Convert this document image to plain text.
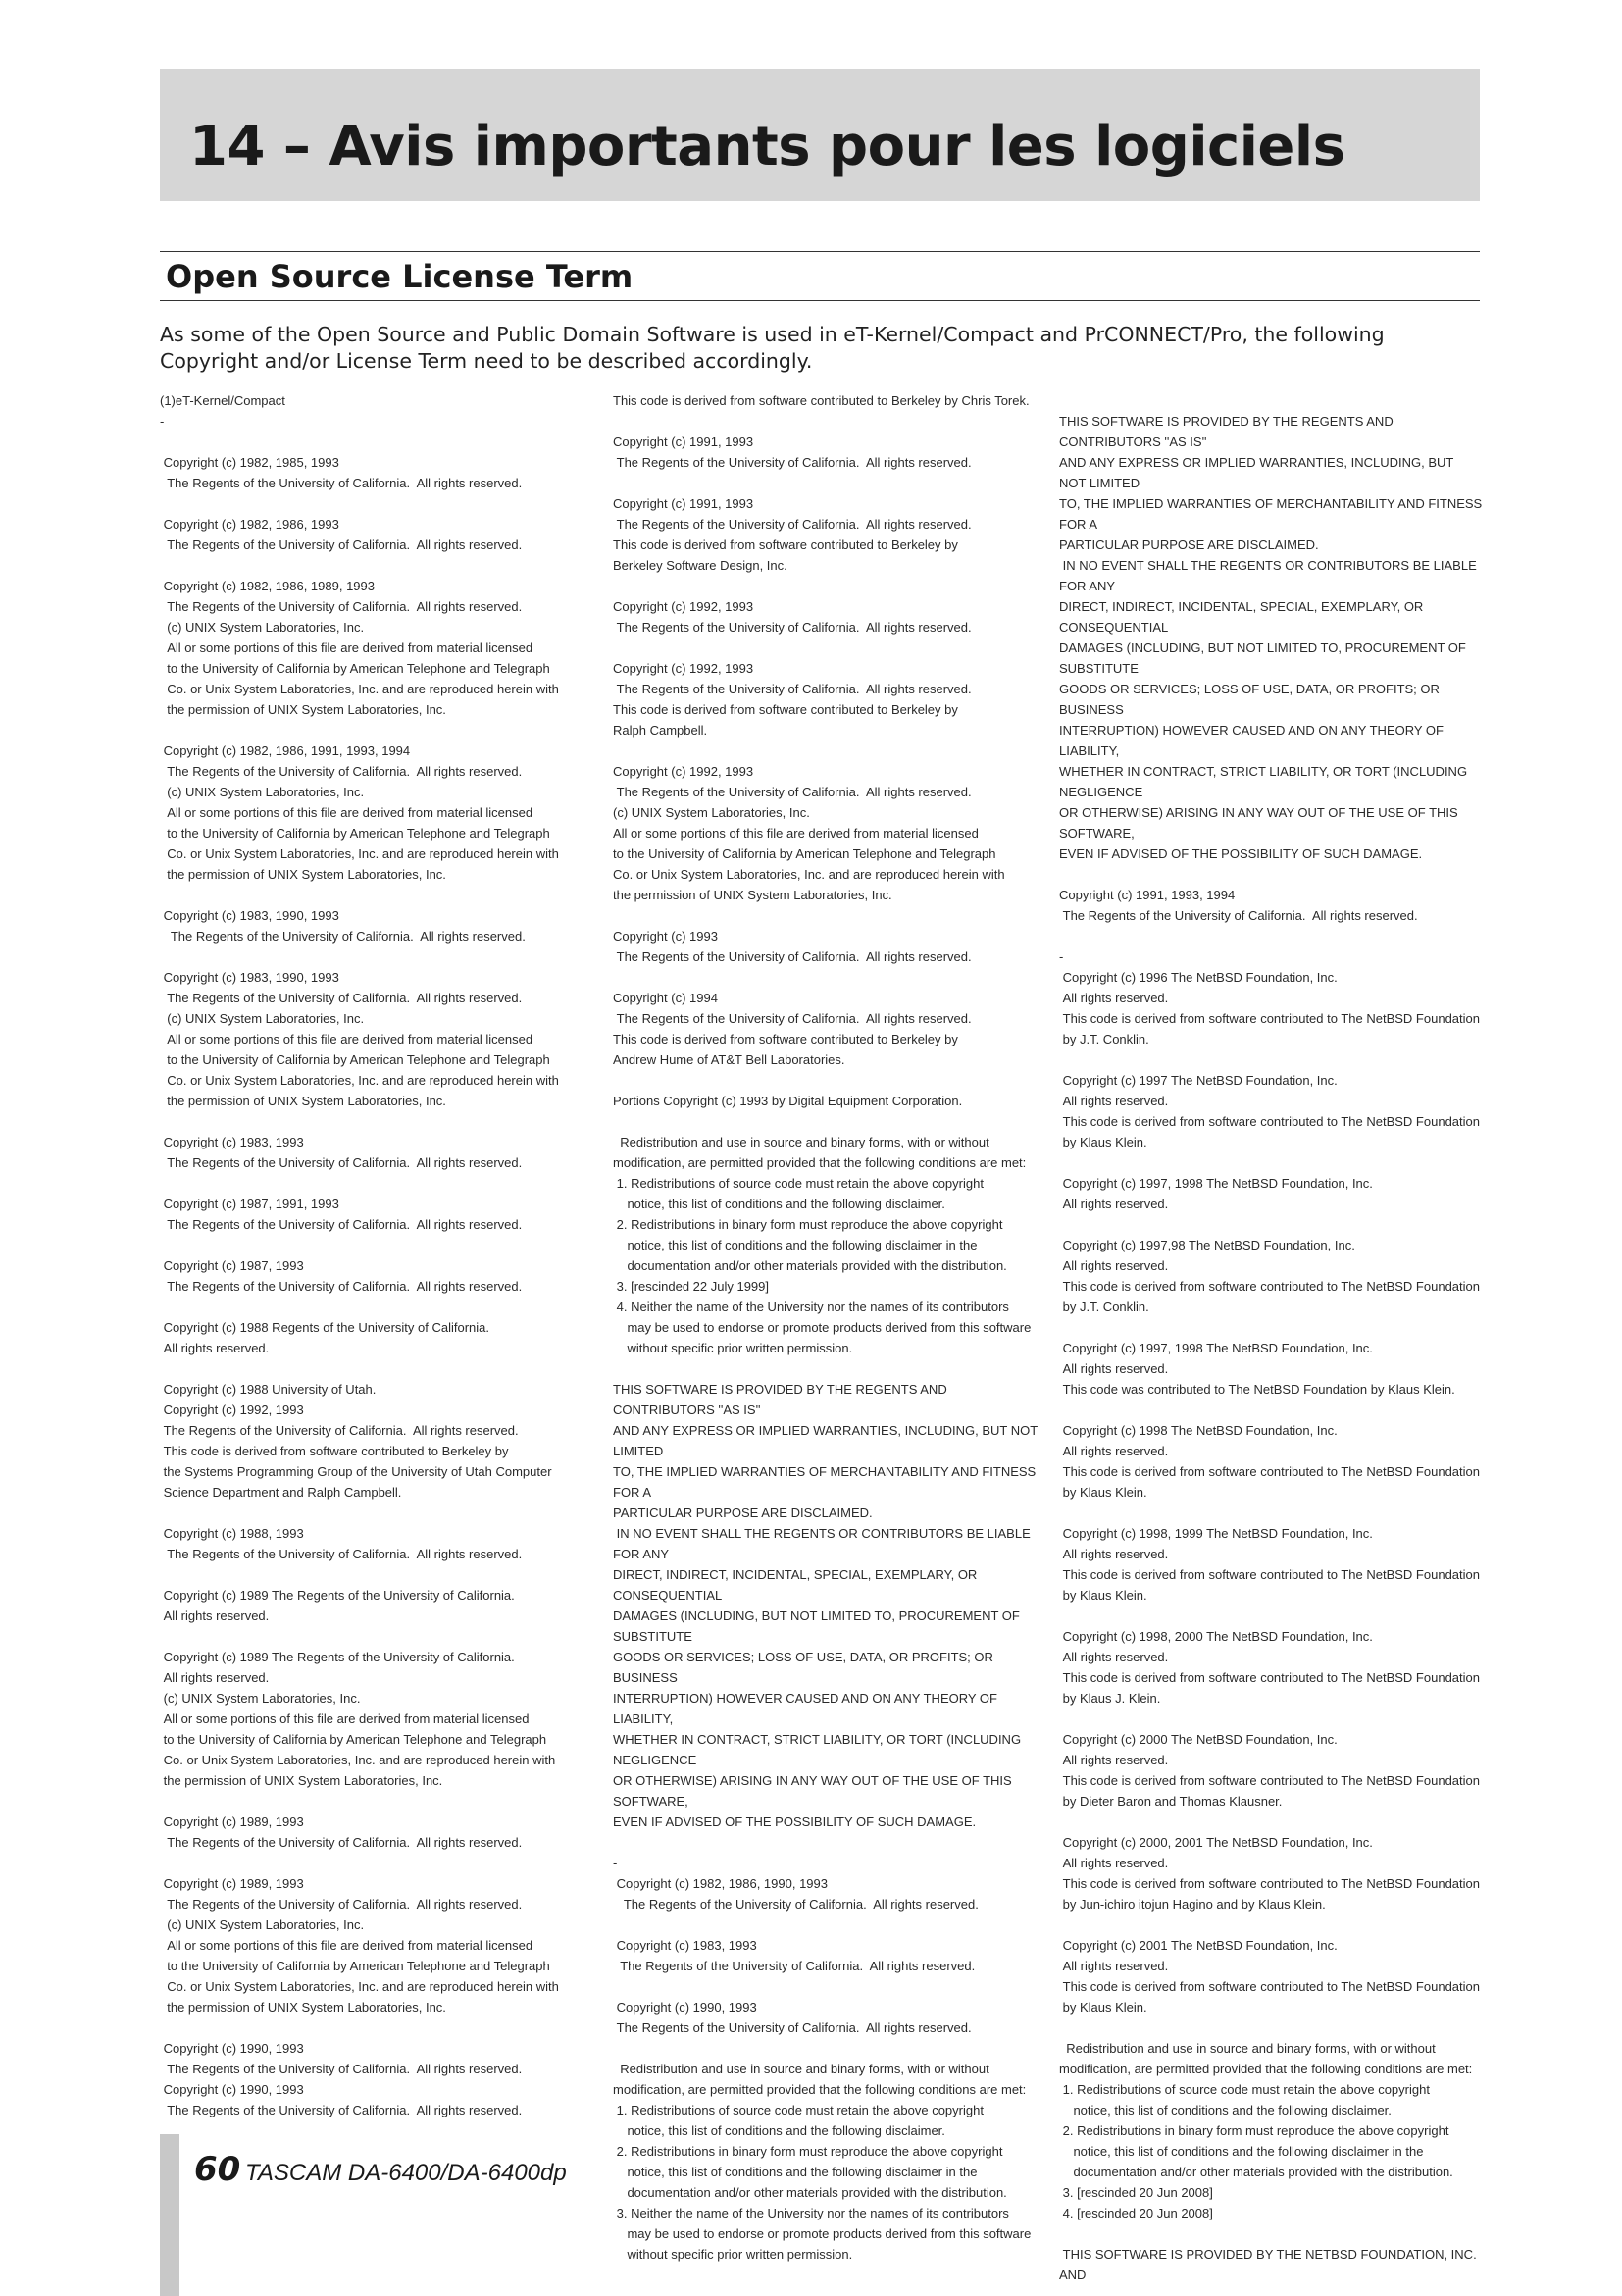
14 – Avis importants pour les logiciels
Open Source License Term

As some of the Open Source and Public Domain Software is used in eT-Kernel/Compact and PrCONNECT/Pro, the following Copyright and/or License Term need to be described accordingly.

(1)eT-Kernel/Compact
-
Copyright (c) 1982, 1985, 1993
The Regents of the University of California.  All rights reserved.
Copyright (c) 1982, 1986, 1993
The Regents of the University of California.  All rights reserved.
Copyright (c) 1982, 1986, 1989, 1993
The Regents of the University of California.  All rights reserved.
(c) UNIX System Laboratories, Inc.
All or some portions of this file are derived from material licensed
to the University of California by American Telephone and Telegraph
Co. or Unix System Laboratories, Inc. and are reproduced herein with
the permission of UNIX System Laboratories, Inc.
Copyright (c) 1982, 1986, 1991, 1993, 1994
The Regents of the University of California.  All rights reserved.
(c) UNIX System Laboratories, Inc.
All or some portions of this file are derived from material licensed
to the University of California by American Telephone and Telegraph
Co. or Unix System Laboratories, Inc. and are reproduced herein with
the permission of UNIX System Laboratories, Inc.
Copyright (c) 1983, 1990, 1993
The Regents of the University of California.  All rights reserved.
Copyright (c) 1983, 1990, 1993
The Regents of the University of California.  All rights reserved.
(c) UNIX System Laboratories, Inc.
All or some portions of this file are derived from material licensed
to the University of California by American Telephone and Telegraph
Co. or Unix System Laboratories, Inc. and are reproduced herein with
the permission of UNIX System Laboratories, Inc.
Copyright (c) 1983, 1993
The Regents of the University of California.  All rights reserved.
Copyright (c) 1987, 1991, 1993
The Regents of the University of California.  All rights reserved.
Copyright (c) 1987, 1993
The Regents of the University of California.  All rights reserved.
Copyright (c) 1988 Regents of the University of California.
All rights reserved.
Copyright (c) 1988 University of Utah.
Copyright (c) 1992, 1993
The Regents of the University of California.  All rights reserved.
This code is derived from software contributed to Berkeley by
the Systems Programming Group of the University of Utah Computer
Science Department and Ralph Campbell.
Copyright (c) 1988, 1993
The Regents of the University of California.  All rights reserved.
Copyright (c) 1989 The Regents of the University of California.
All rights reserved.
Copyright (c) 1989 The Regents of the University of California.
All rights reserved.
(c) UNIX System Laboratories, Inc.
All or some portions of this file are derived from material licensed
to the University of California by American Telephone and Telegraph
Co. or Unix System Laboratories, Inc. and are reproduced herein with
the permission of UNIX System Laboratories, Inc.
Copyright (c) 1989, 1993
The Regents of the University of California.  All rights reserved.
Copyright (c) 1989, 1993
The Regents of the University of California.  All rights reserved.
(c) UNIX System Laboratories, Inc.
All or some portions of this file are derived from material licensed
to the University of California by American Telephone and Telegraph
Co. or Unix System Laboratories, Inc. and are reproduced herein with
the permission of UNIX System Laboratories, Inc.
Copyright (c) 1990, 1993
The Regents of the University of California.  All rights reserved.
Copyright (c) 1990, 1993
The Regents of the University of California.  All rights reserved.
This code is derived from software contributed to Berkeley by Chris Torek.
Copyright (c) 1991, 1993
The Regents of the University of California.  All rights reserved.
Copyright (c) 1991, 1993
The Regents of the University of California.  All rights reserved.
This code is derived from software contributed to Berkeley by
Berkeley Software Design, Inc.
Copyright (c) 1992, 1993
The Regents of the University of California.  All rights reserved.
Copyright (c) 1992, 1993
The Regents of the University of California.  All rights reserved.
This code is derived from software contributed to Berkeley by
Ralph Campbell.
Copyright (c) 1992, 1993
The Regents of the University of California.  All rights reserved.
(c) UNIX System Laboratories, Inc.
All or some portions of this file are derived from material licensed
to the University of California by American Telephone and Telegraph
Co. or Unix System Laboratories, Inc. and are reproduced herein with
the permission of UNIX System Laboratories, Inc.
Copyright (c) 1993
The Regents of the University of California.  All rights reserved.
Copyright (c) 1994
The Regents of the University of California.  All rights reserved.
This code is derived from software contributed to Berkeley by
Andrew Hume of AT&T Bell Laboratories.
Portions Copyright (c) 1993 by Digital Equipment Corporation.
Redistribution and use in source and binary forms, with or without
modification, are permitted provided that the following conditions are met:
1. Redistributions of source code must retain the above copyright
notice, this list of conditions and the following disclaimer.
2. Redistributions in binary form must reproduce the above copyright
notice, this list of conditions and the following disclaimer in the
documentation and/or other materials provided with the distribution.
3. [rescinded 22 July 1999]
4. Neither the name of the University nor the names of its contributors
may be used to endorse or promote products derived from this software
without specific prior written permission.

THIS SOFTWARE IS PROVIDED BY THE REGENTS AND CONTRIBUTORS ''AS IS''
AND ANY EXPRESS OR IMPLIED WARRANTIES, INCLUDING, BUT NOT LIMITED
TO, THE IMPLIED WARRANTIES OF MERCHANTABILITY AND FITNESS FOR A
PARTICULAR PURPOSE ARE DISCLAIMED.
IN NO EVENT SHALL THE REGENTS OR CONTRIBUTORS BE LIABLE FOR ANY
DIRECT, INDIRECT, INCIDENTAL, SPECIAL, EXEMPLARY, OR CONSEQUENTIAL
DAMAGES (INCLUDING, BUT NOT LIMITED TO, PROCUREMENT OF SUBSTITUTE
GOODS OR SERVICES; LOSS OF USE, DATA, OR PROFITS; OR BUSINESS
INTERRUPTION) HOWEVER CAUSED AND ON ANY THEORY OF LIABILITY,
WHETHER IN CONTRACT, STRICT LIABILITY, OR TORT (INCLUDING NEGLIGENCE
OR OTHERWISE) ARISING IN ANY WAY OUT OF THE USE OF THIS SOFTWARE,
EVEN IF ADVISED OF THE POSSIBILITY OF SUCH DAMAGE.

-
Copyright (c) 1982, 1986, 1990, 1993
The Regents of the University of California.  All rights reserved.
Copyright (c) 1983, 1993
The Regents of the University of California.  All rights reserved.
Copyright (c) 1990, 1993
The Regents of the University of California.  All rights reserved.

Redistribution and use in source and binary forms, with or without
modification, are permitted provided that the following conditions are met:
1. Redistributions of source code must retain the above copyright
notice, this list of conditions and the following disclaimer.
2. Redistributions in binary form must reproduce the above copyright
notice, this list of conditions and the following disclaimer in the
documentation and/or other materials provided with the distribution.
3. Neither the name of the University nor the names of its contributors
may be used to endorse or promote products derived from this software
without specific prior written permission.

THIS SOFTWARE IS PROVIDED BY THE REGENTS AND CONTRIBUTORS ''AS IS''
AND ANY EXPRESS OR IMPLIED WARRANTIES, INCLUDING, BUT NOT LIMITED
TO, THE IMPLIED WARRANTIES OF MERCHANTABILITY AND FITNESS FOR A
PARTICULAR PURPOSE ARE DISCLAIMED.
IN NO EVENT SHALL THE REGENTS OR CONTRIBUTORS BE LIABLE FOR ANY
DIRECT, INDIRECT, INCIDENTAL, SPECIAL, EXEMPLARY, OR CONSEQUENTIAL
DAMAGES (INCLUDING, BUT NOT LIMITED TO, PROCUREMENT OF SUBSTITUTE
GOODS OR SERVICES; LOSS OF USE, DATA, OR PROFITS; OR BUSINESS
INTERRUPTION) HOWEVER CAUSED AND ON ANY THEORY OF LIABILITY,
WHETHER IN CONTRACT, STRICT LIABILITY, OR TORT (INCLUDING NEGLIGENCE
OR OTHERWISE) ARISING IN ANY WAY OUT OF THE USE OF THIS SOFTWARE,
EVEN IF ADVISED OF THE POSSIBILITY OF SUCH DAMAGE.
Copyright (c) 1991, 1993, 1994
The Regents of the University of California.  All rights reserved.

-
Copyright (c) 1996 The NetBSD Foundation, Inc.
All rights reserved.
This code is derived from software contributed to The NetBSD Foundation
by J.T. Conklin.
Copyright (c) 1997 The NetBSD Foundation, Inc.
All rights reserved.
This code is derived from software contributed to The NetBSD Foundation
by Klaus Klein.
Copyright (c) 1997, 1998 The NetBSD Foundation, Inc.
All rights reserved.
Copyright (c) 1997,98 The NetBSD Foundation, Inc.
All rights reserved.
This code is derived from software contributed to The NetBSD Foundation
by J.T. Conklin.
Copyright (c) 1997, 1998 The NetBSD Foundation, Inc.
All rights reserved.
This code was contributed to The NetBSD Foundation by Klaus Klein.
Copyright (c) 1998 The NetBSD Foundation, Inc.
All rights reserved.
This code is derived from software contributed to The NetBSD Foundation
by Klaus Klein.
Copyright (c) 1998, 1999 The NetBSD Foundation, Inc.
All rights reserved.
This code is derived from software contributed to The NetBSD Foundation
by Klaus Klein.

Copyright (c) 1998, 2000 The NetBSD Foundation, Inc.
All rights reserved.
This code is derived from software contributed to The NetBSD Foundation
by Klaus J. Klein.
Copyright (c) 2000 The NetBSD Foundation, Inc.
All rights reserved.
This code is derived from software contributed to The NetBSD Foundation
by Dieter Baron and Thomas Klausner.
Copyright (c) 2000, 2001 The NetBSD Foundation, Inc.
All rights reserved.
This code is derived from software contributed to The NetBSD Foundation
by Jun-ichiro itojun Hagino and by Klaus Klein.
Copyright (c) 2001 The NetBSD Foundation, Inc.
All rights reserved.
This code is derived from software contributed to The NetBSD Foundation
by Klaus Klein.

Redistribution and use in source and binary forms, with or without
modification, are permitted provided that the following conditions are met:
1. Redistributions of source code must retain the above copyright
notice, this list of conditions and the following disclaimer.
2. Redistributions in binary form must reproduce the above copyright
notice, this list of conditions and the following disclaimer in the
documentation and/or other materials provided with the distribution.
3. [rescinded 20 Jun 2008]
4. [rescinded 20 Jun 2008]
THIS SOFTWARE IS PROVIDED BY THE NETBSD FOUNDATION, INC. AND
60 TASCAM DA-6400/DA-6400dp
